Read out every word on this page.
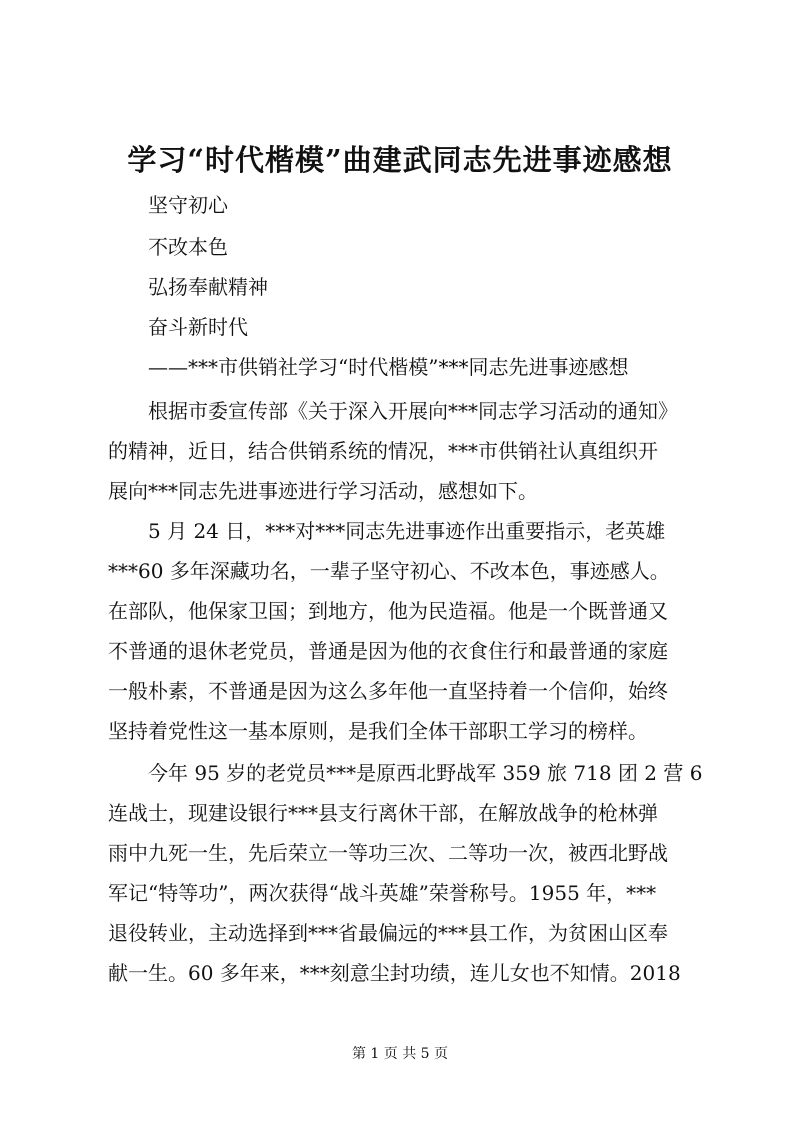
学习“时代楷模”曲建武同志先进事迹感想
坚守初心
不改本色
弘扬奉献精神
奋斗新时代
——***市供销社学习“时代楷模”***同志先进事迹感想
根据市委宣传部《关于深入开展向***同志学习活动的通知》
的精神，近日，结合供销系统的情况，***市供销社认真组织开
展向***同志先进事迹进行学习活动，感想如下。
5 月 24 日，***对***同志先进事迹作出重要指示，老英雄
***60 多年深藏功名，一辈子坚守初心、不改本色，事迹感人。
在部队，他保家卫国；到地方，他为民造福。他是一个既普通又
不普通的退休老党员，普通是因为他的衣食住行和最普通的家庭
一般朴素，不普通是因为这么多年他一直坚持着一个信仰，始终
坚持着党性这一基本原则，是我们全体干部职工学习的榜样。
今年 95 岁的老党员***是原西北野战军 359 旅 718 团 2 营 6
连战士，现建设银行***县支行离休干部，在解放战争的枪林弹
雨中九死一生，先后荣立一等功三次、二等功一次，被西北野战
军记“特等功”，两次获得“战斗英雄”荣誉称号。1955 年，***
退役转业，主动选择到***省最偏远的***县工作，为贫困山区奉
献一生。60 多年来，***刻意尘封功绩，连儿女也不知情。2018
第 1 页 共 5 页
